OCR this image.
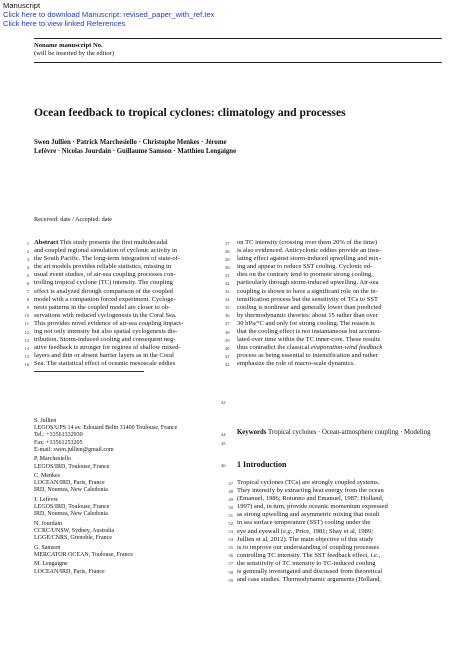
Manuscript
Click here to download Manuscript: revised_paper_with_ref.tex
Click here to view linked References
Noname manuscript No.
(will be inserted by the editor)
Ocean feedback to tropical cyclones: climatology and processes
Swen Jullien · Patrick Marchesiello · Christophe Menkes · Jérome
Lefèvre · Nicolas Jourdain · Guillaume Samson · Matthieu Lengaigne
Received: date / Accepted: date
1	27
Abstract This study presents the first multidecadal
2	28
and coupled regional simulation of cyclonic activity in
3	29
the South Pacific. The long-term integration of state-of-
4	30
the art models provides reliable statistics, missing in
5	31
usual event studies, of air-sea coupling processes con-
6	32
trolling tropical cyclone (TC) intensity. The coupling
7	33
effect is analyzed through comparison of the coupled
8	34
model with a companion forced experiment. Cycloge-
9	35
nesis patterns in the coupled model are closer to ob-
10	36
servations with reduced cyclogenesis in the Coral Sea.
11	37
This provides novel evidence of air-sea coupling impact-
12	38
ing not only intensity but also spatial cyclogenesis dis-
13	39
tribution. Storm-induced cooling and consequent neg-
14	40
ative feedback is stronger for regions of shallow mixed-
15	41
layers and thin or absent barrier layers as in the Coral
16	42
Sea. The statistical effect of oceanic mesoscale eddies
on TC intensity (crossing over them 20% of the time)
is also evidenced. Anticyclonic eddies provide an insu-
lating effect against storm-induced upwelling and mix-
ing and appear to reduce SST cooling. Cyclonic ed-
dies on the contrary tend to promote strong cooling,
particularly through storm-induced upwelling. Air-sea
coupling is shown to have a significant role on the in-
tensification process but the sensitivity of TCs to SST
cooling is nonlinear and generally lower than predicted
by thermodynamic theories: about 15 rather than over
30 hPa/°C and only for strong cooling. The reason is
that the cooling effect is not instantaneous but accumu-
lated over time within the TC inner-core. These results
thus contradict the classical evaporation-wind feedback
process as being essential to intensification and rather
emphasize the role of macro-scale dynamics.
S. Jullien
LEGOS/UPS 14 av. Edouard Belin 31400 Toulouse, France
Tel.: +33561332930
Fax: +33561253205
E-mail: swen.jullien@gmail.com
P. Marchesiello
LEGOS/IRD, Toulouse, France
C. Menkes
LOCEAN/IRD, Paris, France
IRD, Noumea, New Caledonia
J. Lefèvre
LEGOS/IRD, Toulouse, France
IRD, Noumea, New Caledonia
N. Jourdain
CCRC/UNSW, Sydney, Australia
LGGE/CNRS, Grenoble, France
G. Samson
MERCATOR OCEAN, Toulouse, France
M. Lengaigne
LOCEAN/IRD, Paris, France
Keywords Tropical cyclones · Ocean-atmosphere coupling · Modeling
1 Introduction
47 Tropical cyclones (TCs) are strongly coupled systems.
48 They intensify by extracting heat energy from the ocean
49 (Emanuel, 1986; Rotunno and Emanuel, 1987; Holland,
50 1997) and, in turn, provide oceanic momentum expressed
51 as strong upwelling and asymmetric mixing that result
52 in sea surface temperature (SST) cooling under the
53 eye and eyewall (e.g., Price, 1981; Shay et al, 1989;
54 Jullien et al, 2012). The main objective of this study
55 is to improve our understanding of coupling processes
56 controlling TC intensity. The SST feedback effect, i.e.,
57 the sensitivity of TC intensity to TC-induced cooling
58 is generally investigated and discussed from theoretical
59 and case studies. Thermodynamic arguments (Holland,
43
44
45
46
